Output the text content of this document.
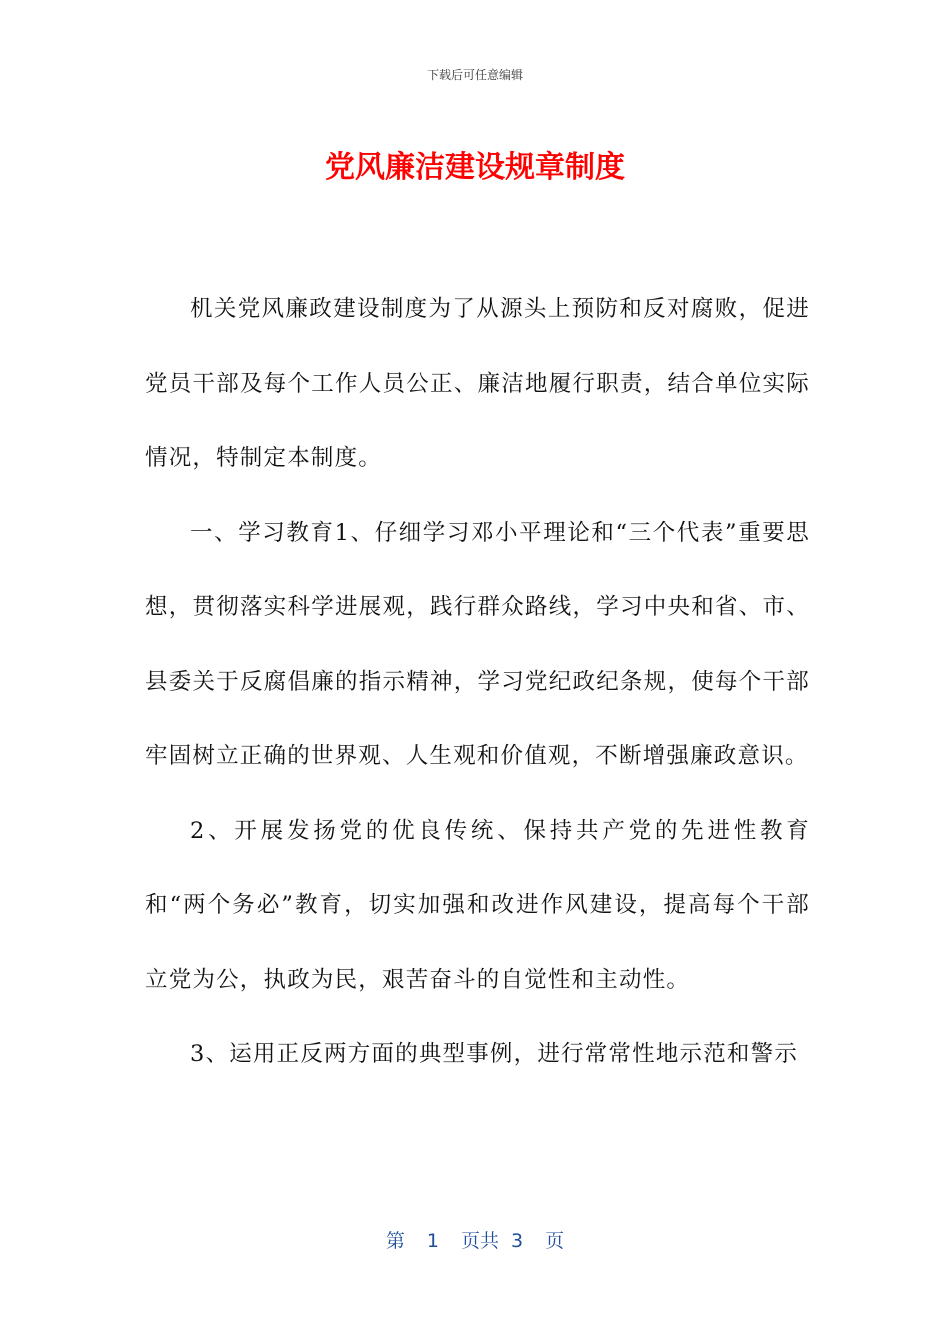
下载后可任意编辑
党风廉洁建设规章制度

机关党风廉政建设制度为了从源头上预防和反对腐败，促进党员干部及每个工作人员公正、廉洁地履行职责，结合单位实际情况，特制定本制度。

一、学习教育1、仔细学习邓小平理论和“三个代表”重要思想，贯彻落实科学进展观，践行群众路线，学习中央和省、市、县委关于反腐倡廉的指示精神，学习党纪政纪条规，使每个干部牢固树立正确的世界观、人生观和价值观，不断增强廉政意识。

2、开展发扬党的优良传统、保持共产党的先进性教育和“两个务必”教育，切实加强和改进作风建设，提高每个干部立党为公，执政为民，艰苦奋斗的自觉性和主动性。

3、运用正反两方面的典型事例，进行常常性地示范和警示

第 1 页共 3 页
